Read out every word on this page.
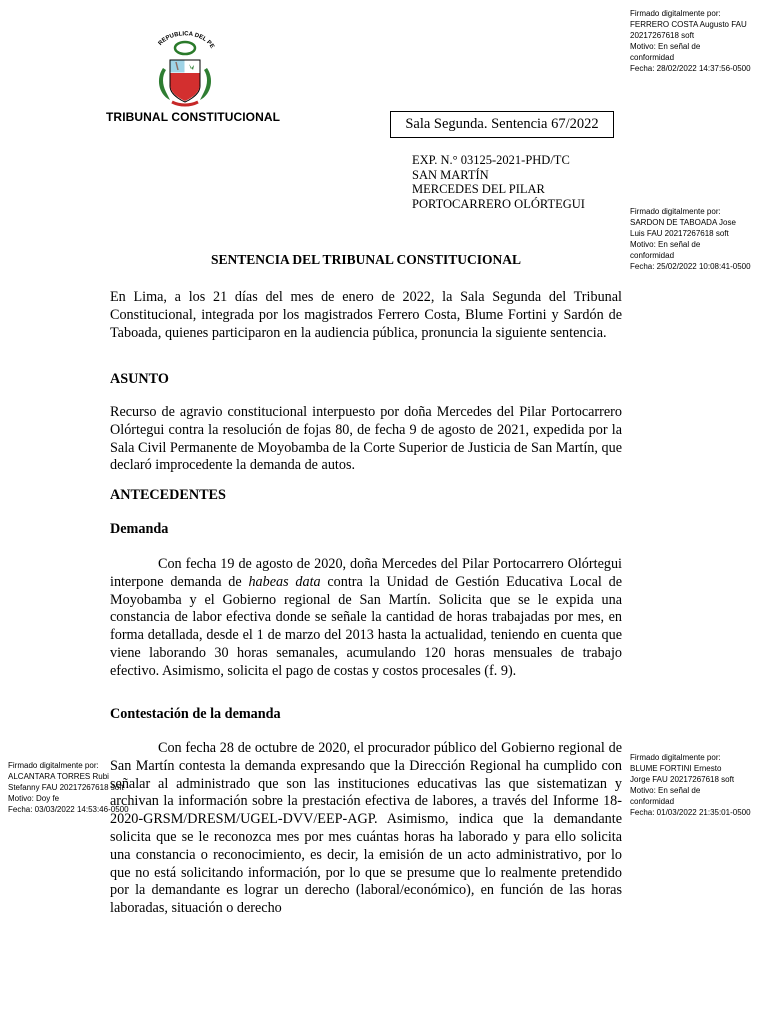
REPUBLICA DEL PE
TRIBUNAL CONSTITUCIONAL	Sala Segunda. Sentencia 67/2022
EXP. N.° 03125-2021-PHD/TC
SAN MARTÍN
MERCEDES DEL PILAR
PORTOCARRERO OLÓRTEGUI
Firmado digitalmente por:
FERRERO COSTA Augusto FAU
20217267618 soft
Motivo: En señal de
conformidad
Fecha: 28/02/2022 14:37:56-0500
Firmado digitalmente por:
SARDON DE TABOADA Jose
Luis FAU 20217267618 soft
Motivo: En señal de
conformidad
Fecha: 25/02/2022 10:08:41-0500
Firmado digitalmente por:
ALCANTARA TORRES Rubi
Stefanny FAU 20217267618 soft
Motivo: Doy fe
Fecha: 03/03/2022 14:53:46-0500
Firmado digitalmente por:
BLUME FORTINI Ernesto
Jorge FAU 20217267618 soft
Motivo: En señal de
conformidad
Fecha: 01/03/2022 21:35:01-0500
SENTENCIA DEL TRIBUNAL CONSTITUCIONAL
En Lima, a los 21 días del mes de enero de 2022, la Sala Segunda del Tribunal Constitucional, integrada por los magistrados Ferrero Costa, Blume Fortini y Sardón de Taboada, quienes participaron en la audiencia pública, pronuncia la siguiente sentencia.
ASUNTO
Recurso de agravio constitucional interpuesto por doña Mercedes del Pilar Portocarrero Olórtegui contra la resolución de fojas 80, de fecha 9 de agosto de 2021, expedida por la Sala Civil Permanente de Moyobamba de la Corte Superior de Justicia de San Martín, que declaró improcedente la demanda de autos.
ANTECEDENTES
Demanda
Con fecha 19 de agosto de 2020, doña Mercedes del Pilar Portocarrero Olórtegui interpone demanda de habeas data contra la Unidad de Gestión Educativa Local de Moyobamba y el Gobierno regional de San Martín. Solicita que se le expida una constancia de labor efectiva donde se señale la cantidad de horas trabajadas por mes, en forma detallada, desde el 1 de marzo del 2013 hasta la actualidad, teniendo en cuenta que viene laborando 30 horas semanales, acumulando 120 horas mensuales de trabajo efectivo. Asimismo, solicita el pago de costas y costos procesales (f. 9).
Contestación de la demanda
Con fecha 28 de octubre de 2020, el procurador público del Gobierno regional de San Martín contesta la demanda expresando que la Dirección Regional ha cumplido con señalar al administrado que son las instituciones educativas las que sistematizan y archivan la información sobre la prestación efectiva de labores, a través del Informe 18-2020-GRSM/DRESM/UGEL-DVV/EEP-AGP. Asimismo, indica que la demandante solicita que se le reconozca mes por mes cuántas horas ha laborado y para ello solicita una constancia o reconocimiento, es decir, la emisión de un acto administrativo, por lo que no está solicitando información, por lo que se presume que lo realmente pretendido por la demandante es lograr un derecho (laboral/económico), en función de las horas laboradas, situación o derecho
